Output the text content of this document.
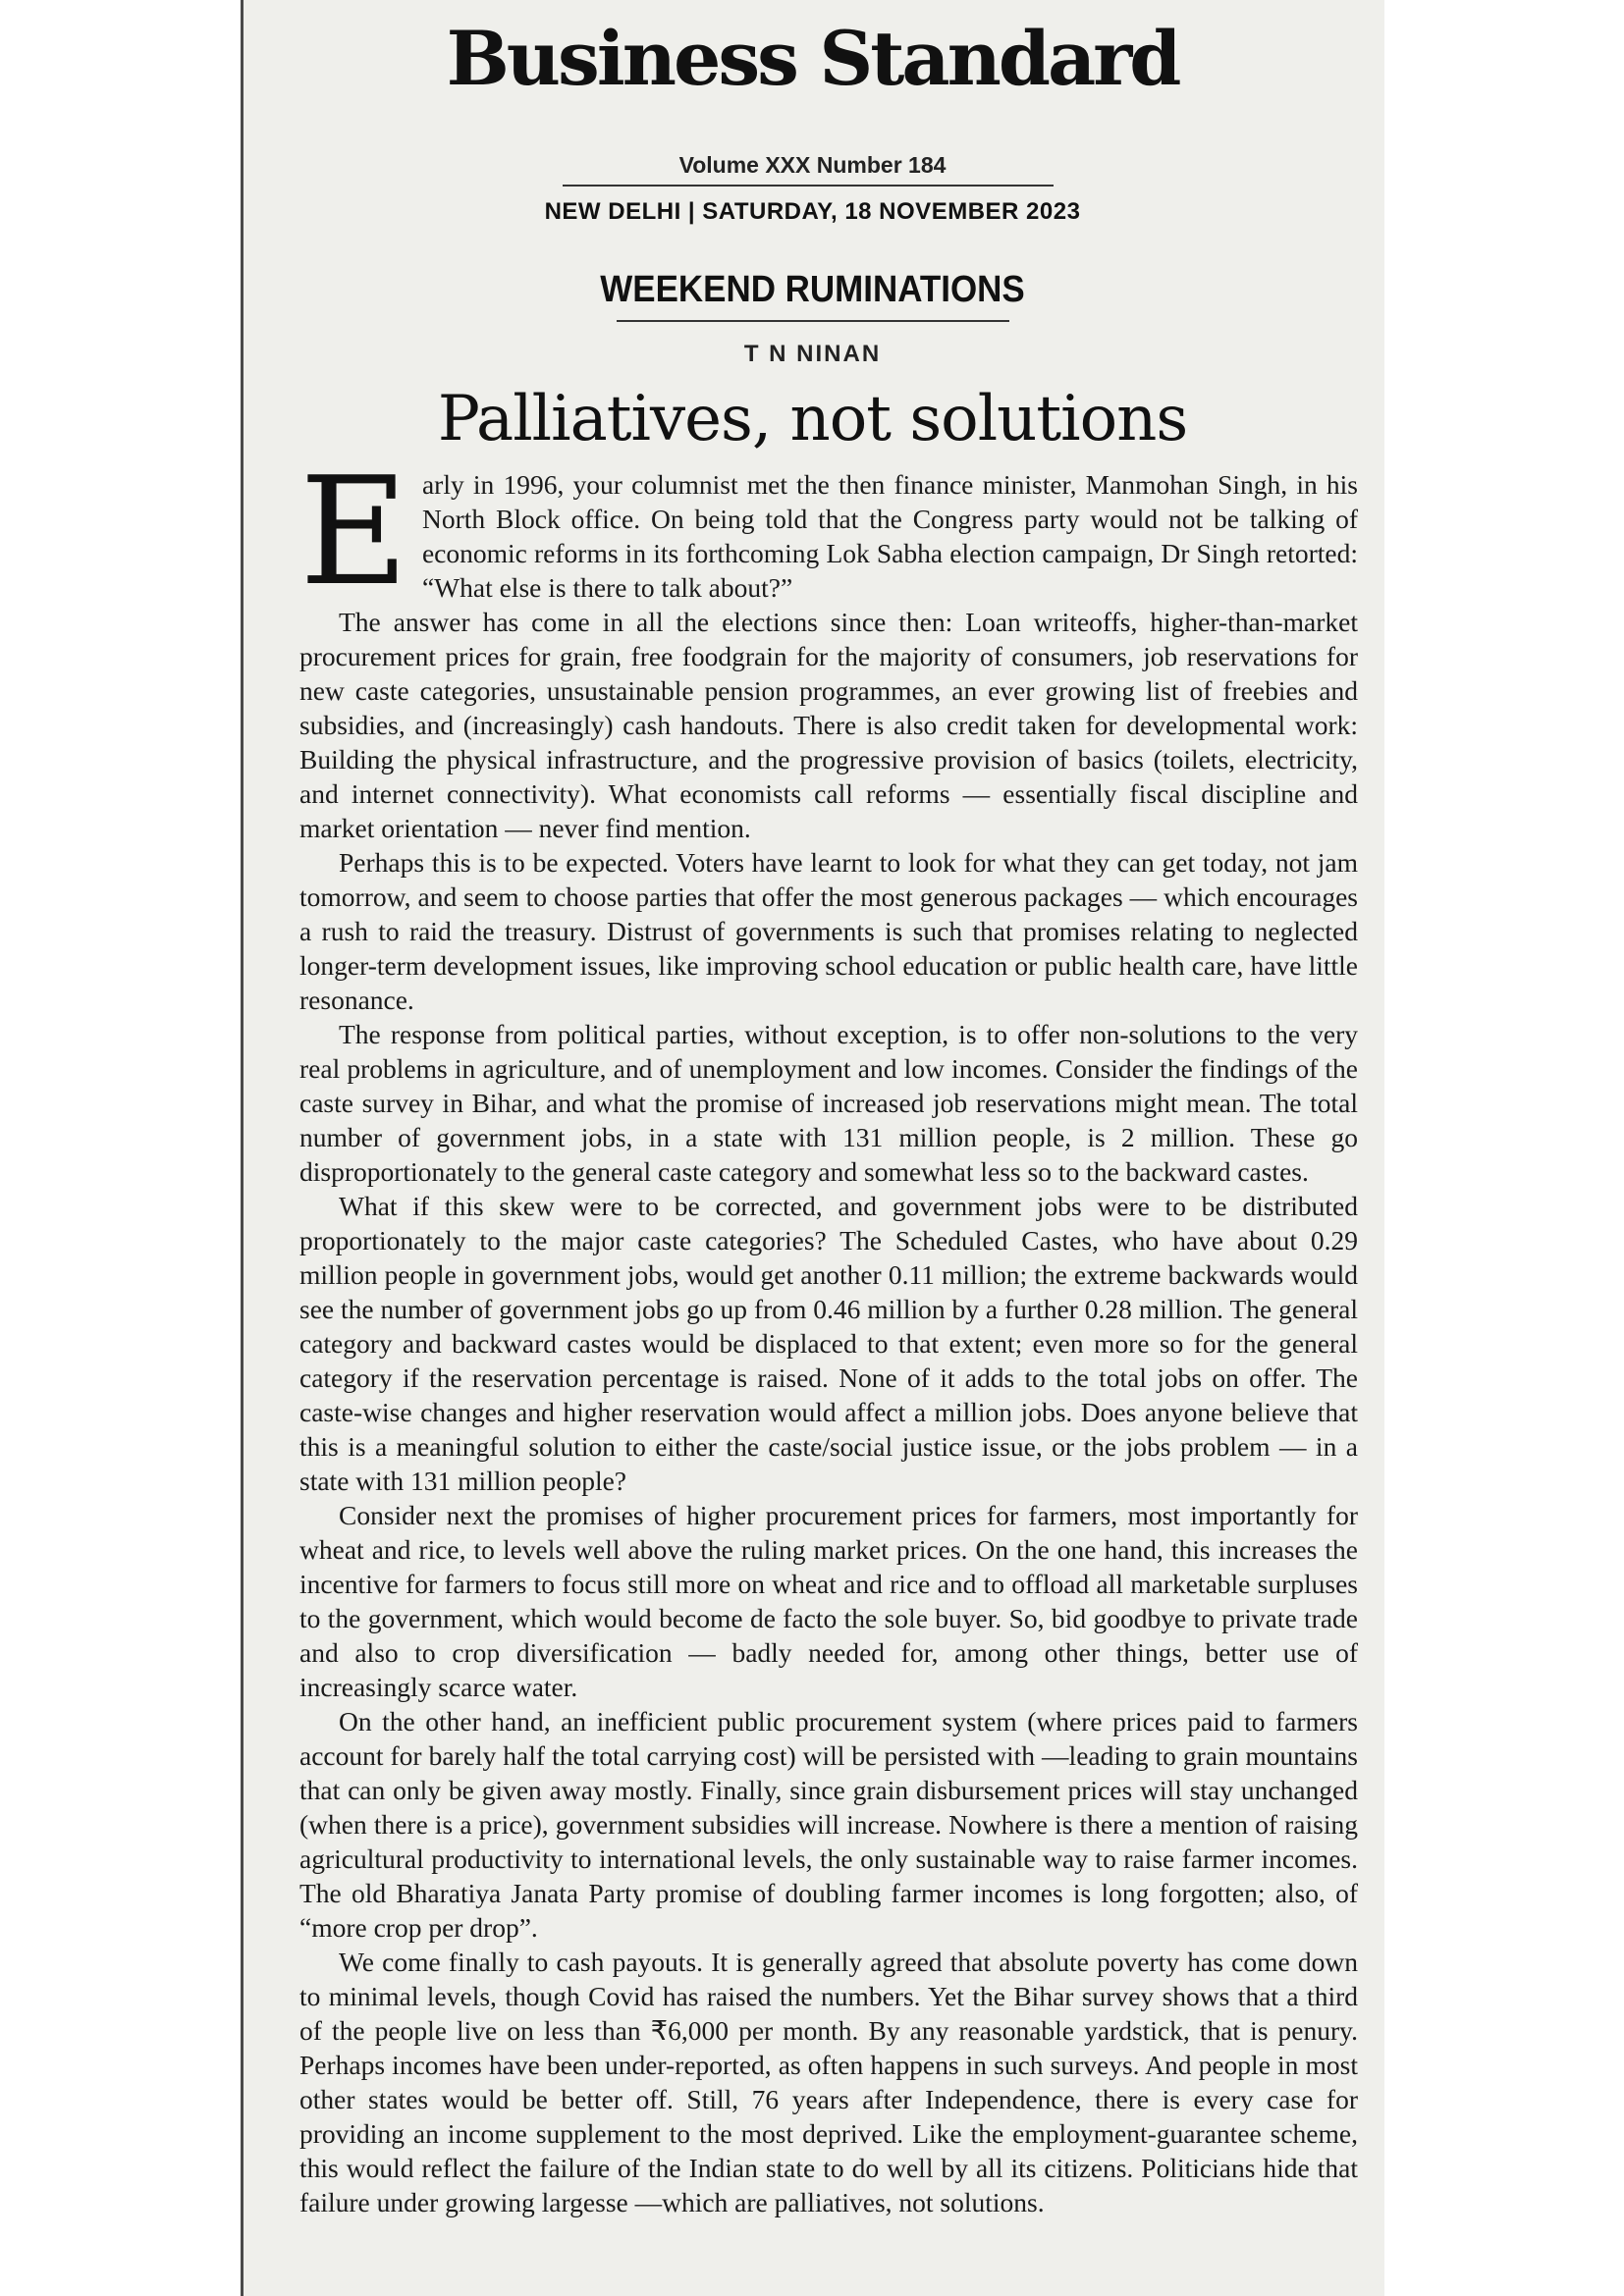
Business Standard
Volume XXX Number 184
NEW DELHI | SATURDAY, 18 NOVEMBER 2023
WEEKEND RUMINATIONS
T N NINAN
Palliatives, not solutions

Early in 1996, your columnist met the then finance minister, Manmohan Singh, in his North Block office. On being told that the Congress party would not be talking of economic reforms in its forthcoming Lok Sabha election campaign, Dr Singh retorted: “What else is there to talk about?”

The answer has come in all the elections since then: Loan writeoffs, higher-than-market procurement prices for grain, free foodgrain for the majority of consumers, job reservations for new caste categories, unsustainable pension programmes, an ever growing list of freebies and subsidies, and (increasingly) cash handouts. There is also credit taken for developmental work: Building the physical infrastructure, and the progressive provision of basics (toilets, electricity, and internet connectivity). What economists call reforms — essentially fiscal discipline and market orientation — never find mention.

Perhaps this is to be expected. Voters have learnt to look for what they can get today, not jam tomorrow, and seem to choose parties that offer the most generous packages — which encourages a rush to raid the treasury. Distrust of governments is such that promises relating to neglected longer-term development issues, like improving school education or public health care, have little resonance.

The response from political parties, without exception, is to offer non-solutions to the very real problems in agriculture, and of unemployment and low incomes. Consider the findings of the caste survey in Bihar, and what the promise of increased job reservations might mean. The total number of government jobs, in a state with 131 million people, is 2 million. These go disproportionately to the general caste category and somewhat less so to the backward castes.

What if this skew were to be corrected, and government jobs were to be distributed proportionately to the major caste categories? The Scheduled Castes, who have about 0.29 million people in government jobs, would get another 0.11 million; the extreme backwards would see the number of government jobs go up from 0.46 million by a further 0.28 million. The general category and backward castes would be displaced to that extent; even more so for the general category if the reservation percentage is raised. None of it adds to the total jobs on offer. The caste-wise changes and higher reservation would affect a million jobs. Does anyone believe that this is a meaningful solution to either the caste/social justice issue, or the jobs problem — in a state with 131 million people?

Consider next the promises of higher procurement prices for farmers, most importantly for wheat and rice, to levels well above the ruling market prices. On the one hand, this increases the incentive for farmers to focus still more on wheat and rice and to offload all marketable surpluses to the government, which would become de facto the sole buyer. So, bid goodbye to private trade and also to crop diversification — badly needed for, among other things, better use of increasingly scarce water.

On the other hand, an inefficient public procurement system (where prices paid to farmers account for barely half the total carrying cost) will be persisted with —leading to grain mountains that can only be given away mostly. Finally, since grain disbursement prices will stay unchanged (when there is a price), government subsidies will increase. Nowhere is there a mention of raising agricultural productivity to international levels, the only sustainable way to raise farmer incomes. The old Bharatiya Janata Party promise of doubling farmer incomes is long forgotten; also, of “more crop per drop”.

We come finally to cash payouts. It is generally agreed that absolute poverty has come down to minimal levels, though Covid has raised the numbers. Yet the Bihar survey shows that a third of the people live on less than ₹6,000 per month. By any reasonable yardstick, that is penury. Perhaps incomes have been under-reported, as often happens in such surveys. And people in most other states would be better off. Still, 76 years after Independence, there is every case for providing an income supplement to the most deprived. Like the employment-guarantee scheme, this would reflect the failure of the Indian state to do well by all its citizens. Politicians hide that failure under growing largesse —which are palliatives, not solutions.
